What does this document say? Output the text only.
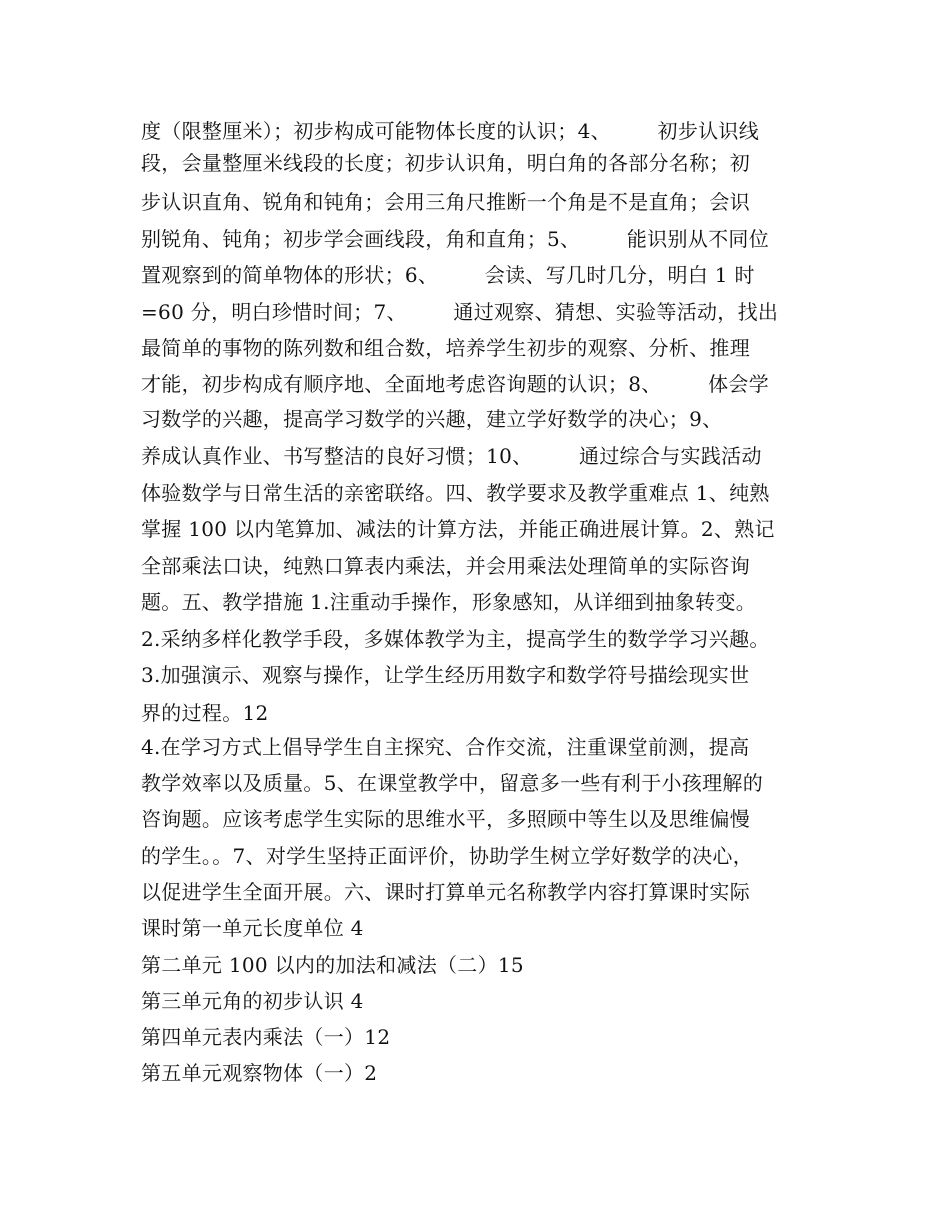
度（限整厘米）；初步构成可能物体长度的认识；4、       初步认识线
段，会量整厘米线段的长度；初步认识角，明白角的各部分名称；初
步认识直角、锐角和钝角；会用三角尺推断一个角是不是直角；会识
别锐角、钝角；初步学会画线段，角和直角；5、       能识别从不同位
置观察到的简单物体的形状；6、       会读、写几时几分，明白 1 时
=60 分，明白珍惜时间；7、       通过观察、猜想、实验等活动，找出
最简单的事物的陈列数和组合数，培养学生初步的观察、分析、推理
才能，初步构成有顺序地、全面地考虑咨询题的认识；8、       体会学
习数学的兴趣，提高学习数学的兴趣，建立学好数学的决心；9、
养成认真作业、书写整洁的良好习惯；10、       通过综合与实践活动
体验数学与日常生活的亲密联络。四、教学要求及教学重难点 1、纯熟
掌握 100 以内笔算加、减法的计算方法，并能正确进展计算。2、熟记
全部乘法口诀，纯熟口算表内乘法，并会用乘法处理简单的实际咨询
题。五、教学措施 1.注重动手操作，形象感知，从详细到抽象转变。
2.采纳多样化教学手段，多媒体教学为主，提高学生的数学学习兴趣。
3.加强演示、观察与操作，让学生经历用数字和数学符号描绘现实世
界的过程。12
4.在学习方式上倡导学生自主探究、合作交流，注重课堂前测，提高
教学效率以及质量。5、在课堂教学中，留意多一些有利于小孩理解的
咨询题。应该考虑学生实际的思维水平，多照顾中等生以及思维偏慢
的学生。。7、对学生坚持正面评价，协助学生树立学好数学的决心，
以促进学生全面开展。六、课时打算单元名称教学内容打算课时实际
课时第一单元长度单位 4
第二单元 100 以内的加法和减法（二）15
第三单元角的初步认识 4
第四单元表内乘法（一）12
第五单元观察物体（一）2
